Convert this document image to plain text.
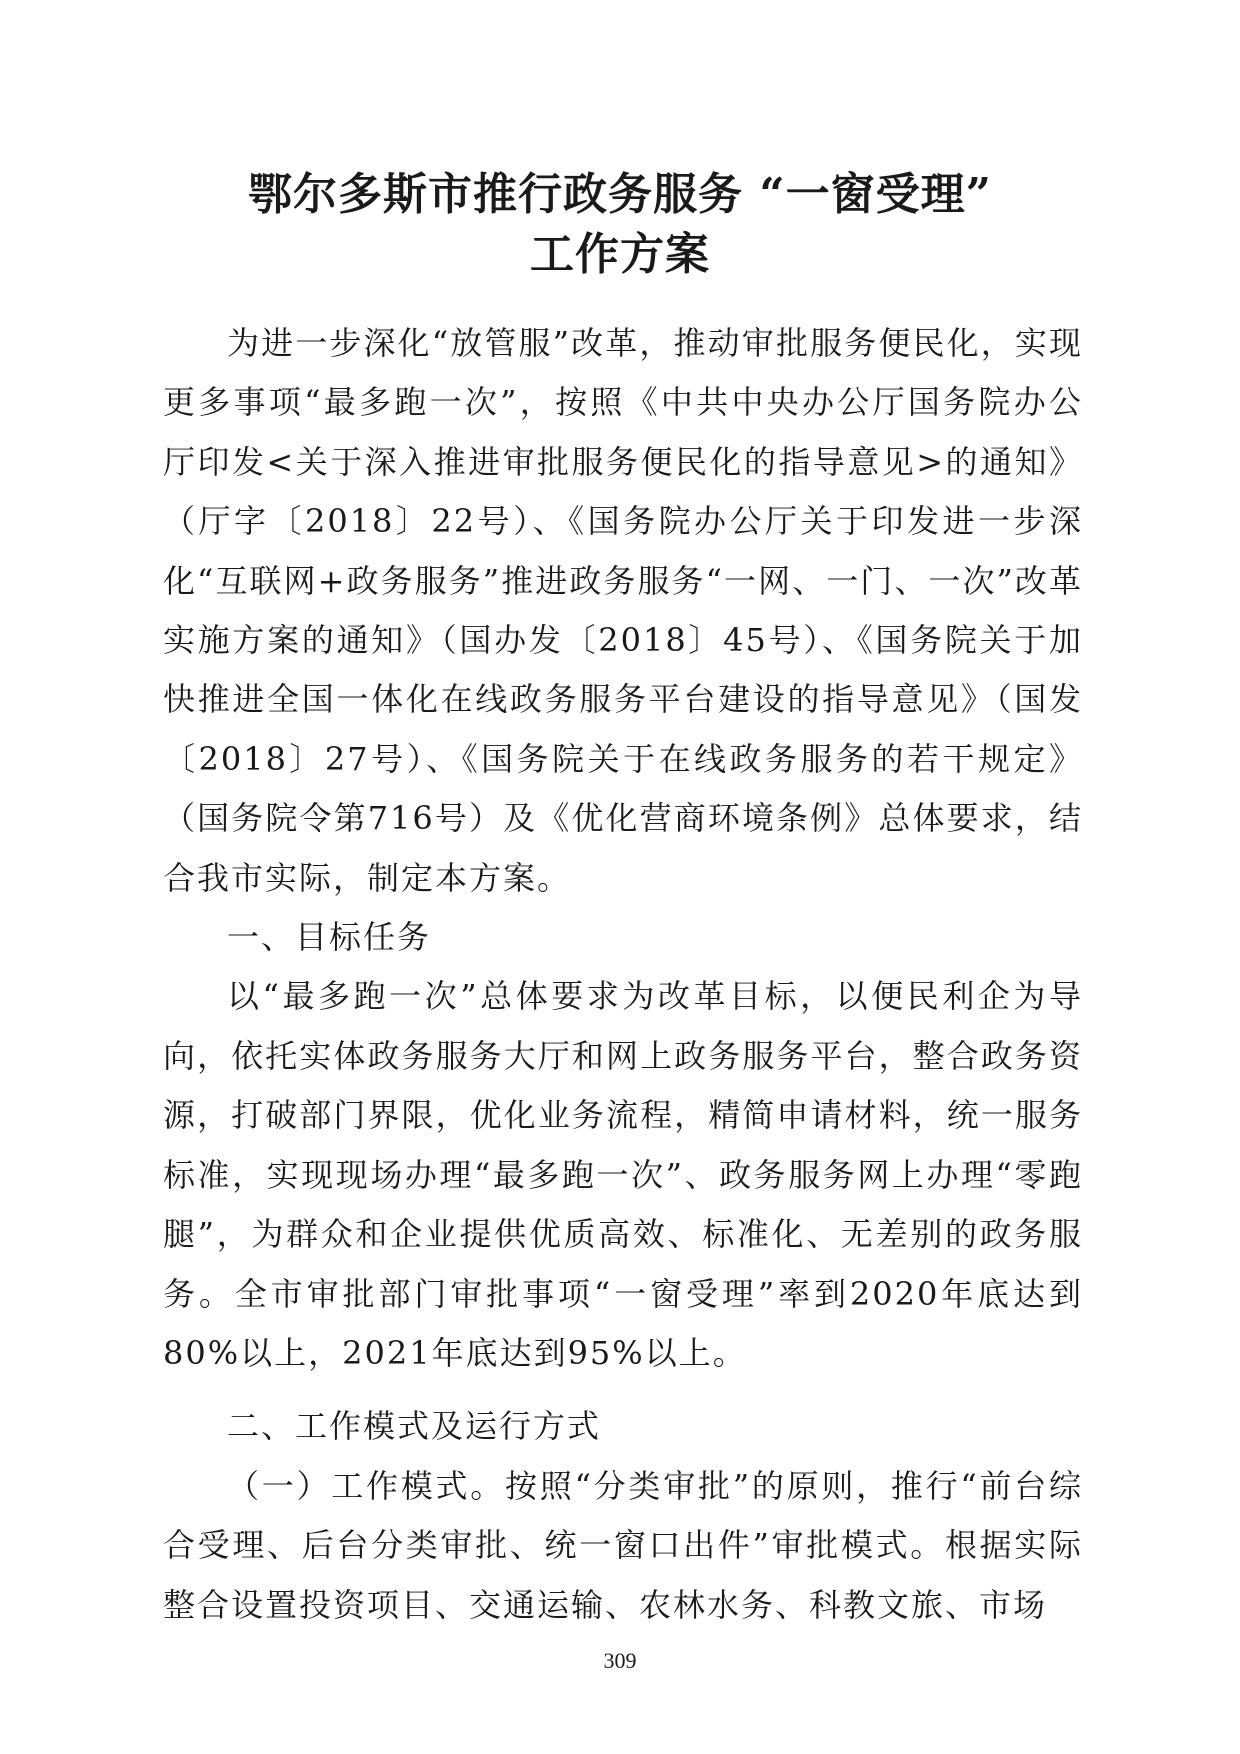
鄂尔多斯市推行政务服务 “一窗受理”
工作方案

为进一步深化“放管服”改革，推动审批服务便民化，实现更多事项“最多跑一次”，按照《中共中央办公厅国务院办公厅印发<关于深入推进审批服务便民化的指导意见>的通知》（厅字〔2018〕22号）、《国务院办公厅关于印发进一步深化“互联网+政务服务”推进政务服务“一网、一门、一次”改革实施方案的通知》（国办发〔2018〕45号）、《国务院关于加快推进全国一体化在线政务服务平台建设的指导意见》（国发〔2018〕27号）、《国务院关于在线政务服务的若干规定》（国务院令第716号）及《优化营商环境条例》总体要求，结合我市实际，制定本方案。

一、目标任务

以“最多跑一次”总体要求为改革目标，以便民利企为导向，依托实体政务服务大厅和网上政务服务平台，整合政务资源，打破部门界限，优化业务流程，精简申请材料，统一服务标准，实现现场办理“最多跑一次”、政务服务网上办理“零跑腿”，为群众和企业提供优质高效、标准化、无差别的政务服务。全市审批部门审批事项“一窗受理”率到2020年底达到80%以上，2021年底达到95%以上。

二、工作模式及运行方式

（一）工作模式。按照“分类审批”的原则，推行“前台综合受理、后台分类审批、统一窗口出件”审批模式。根据实际整合设置投资项目、交通运输、农林水务、科教文旅、市场

309
